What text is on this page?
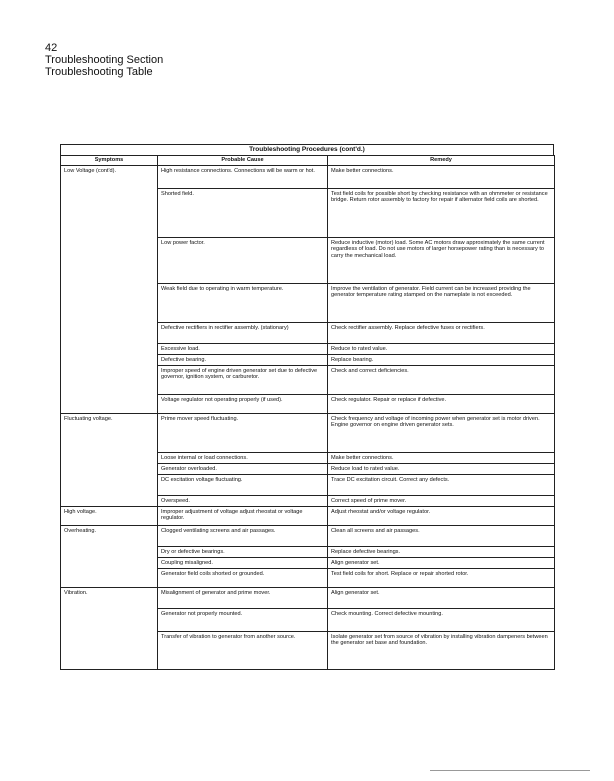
42
Troubleshooting Section
Troubleshooting Table
Troubleshooting Procedures (cont'd.)
Symptoms	Probable Cause	Remedy
Low Voltage (cont'd).	High resistance connections. Connections will be warm or hot.	Make better connections.
	Shorted field.	Test field coils for possible short by checking resistance with an ohmmeter or resistance bridge. Return rotor assembly to factory for repair if alternator field coils are shorted.
	Low power factor.	Reduce inductive (motor) load. Some AC motors draw approximately the same current regardless of load. Do not use motors of larger horsepower rating than is necessary to carry the mechanical load.
	Weak field due to operating in warm temperature.	Improve the ventilation of generator. Field current can be increased providing the generator temperature rating stamped on the nameplate is not exceeded.
	Defective rectifiers in rectifier assembly. (stationary)	Check rectifier assembly. Replace defective fuses or rectifiers.
	Excessive load.	Reduce to rated value.
	Defective bearing.	Replace bearing.
	Improper speed of engine driven generator set due to defective governor, ignition system, or carburetor.	Check and correct deficiencies.
	Voltage regulator not operating properly (if used).	Check regulator. Repair or replace if defective.
Fluctuating voltage.	Prime mover speed fluctuating.	Check frequency and voltage of incoming power when generator set is motor driven. Engine governor on engine driven generator sets.
	Loose internal or load connections.	Make better connections.
	Generator overloaded.	Reduce load to rated value.
	DC excitation voltage fluctuating.	Trace DC excitation circuit. Correct any defects.
	Overspeed.	Correct speed of prime mover.
High voltage.	Improper adjustment of voltage adjust rheostat or voltage regulator.	Adjust rheostat and/or voltage regulator.
Overheating.	Clogged ventilating screens and air passages.	Clean all screens and air passages.
	Dry or defective bearings.	Replace defective bearings.
	Coupling misaligned.	Align generator set.
	Generator field coils shorted or grounded.	Test field coils for short. Replace or repair shorted rotor.
Vibration.	Misalignment of generator and prime mover.	Align generator set.
	Generator not properly mounted.	Check mounting. Correct defective mounting.
	Transfer of vibration to generator from another source.	Isolate generator set from source of vibration by installing vibration dampeners between the generator set base and foundation.
